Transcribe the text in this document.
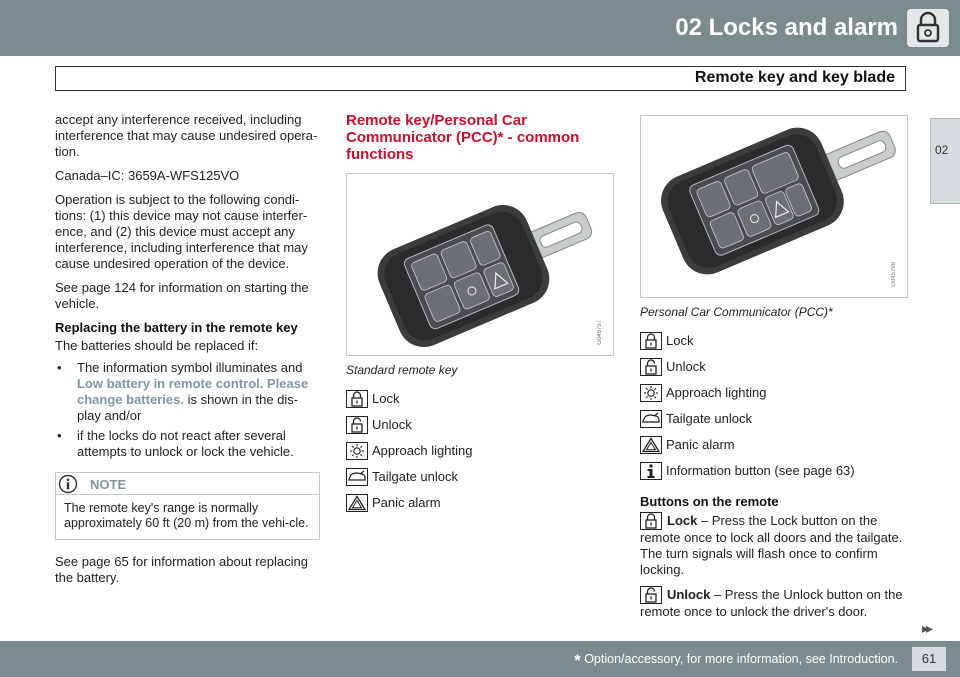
02 Locks and alarm
Remote key and key blade
02

accept any interference received, including interference that may cause undesired opera-tion.

Canada–IC: 3659A-WFS125VO

Operation is subject to the following condi-tions: (1) this device may not cause interfer-ence, and (2) this device must accept any interference, including interference that may cause undesired operation of the device.

See page 124 for information on starting the vehicle.

Replacing the battery in the remote key

The batteries should be replaced if:

• The information symbol illuminates and Low battery in remote control. Please change batteries. is shown in the dis-play and/or
• if the locks do not react after several attempts to unlock or lock the vehicle.
NOTE
The remote key's range is normally approximately 60 ft (20 m) from the vehi-cle.

See page 65 for information about replacing the battery.

Remote key/Personal Car Communicator (PCC)* - common functions
G045797
Standard remote key
Lock
Unlock
Approach lighting
Tailgate unlock
Panic alarm
G045798
Personal Car Communicator (PCC)*
Lock
Unlock
Approach lighting
Tailgate unlock
Panic alarm
Information button (see page 63)
Buttons on the remote

Lock – Press the Lock button on the remote once to lock all doors and the tailgate. The turn signals will flash once to confirm locking.

Unlock – Press the Unlock button on the remote once to unlock the driver's door.

▸▸
* Option/accessory, for more information, see Introduction.	61
